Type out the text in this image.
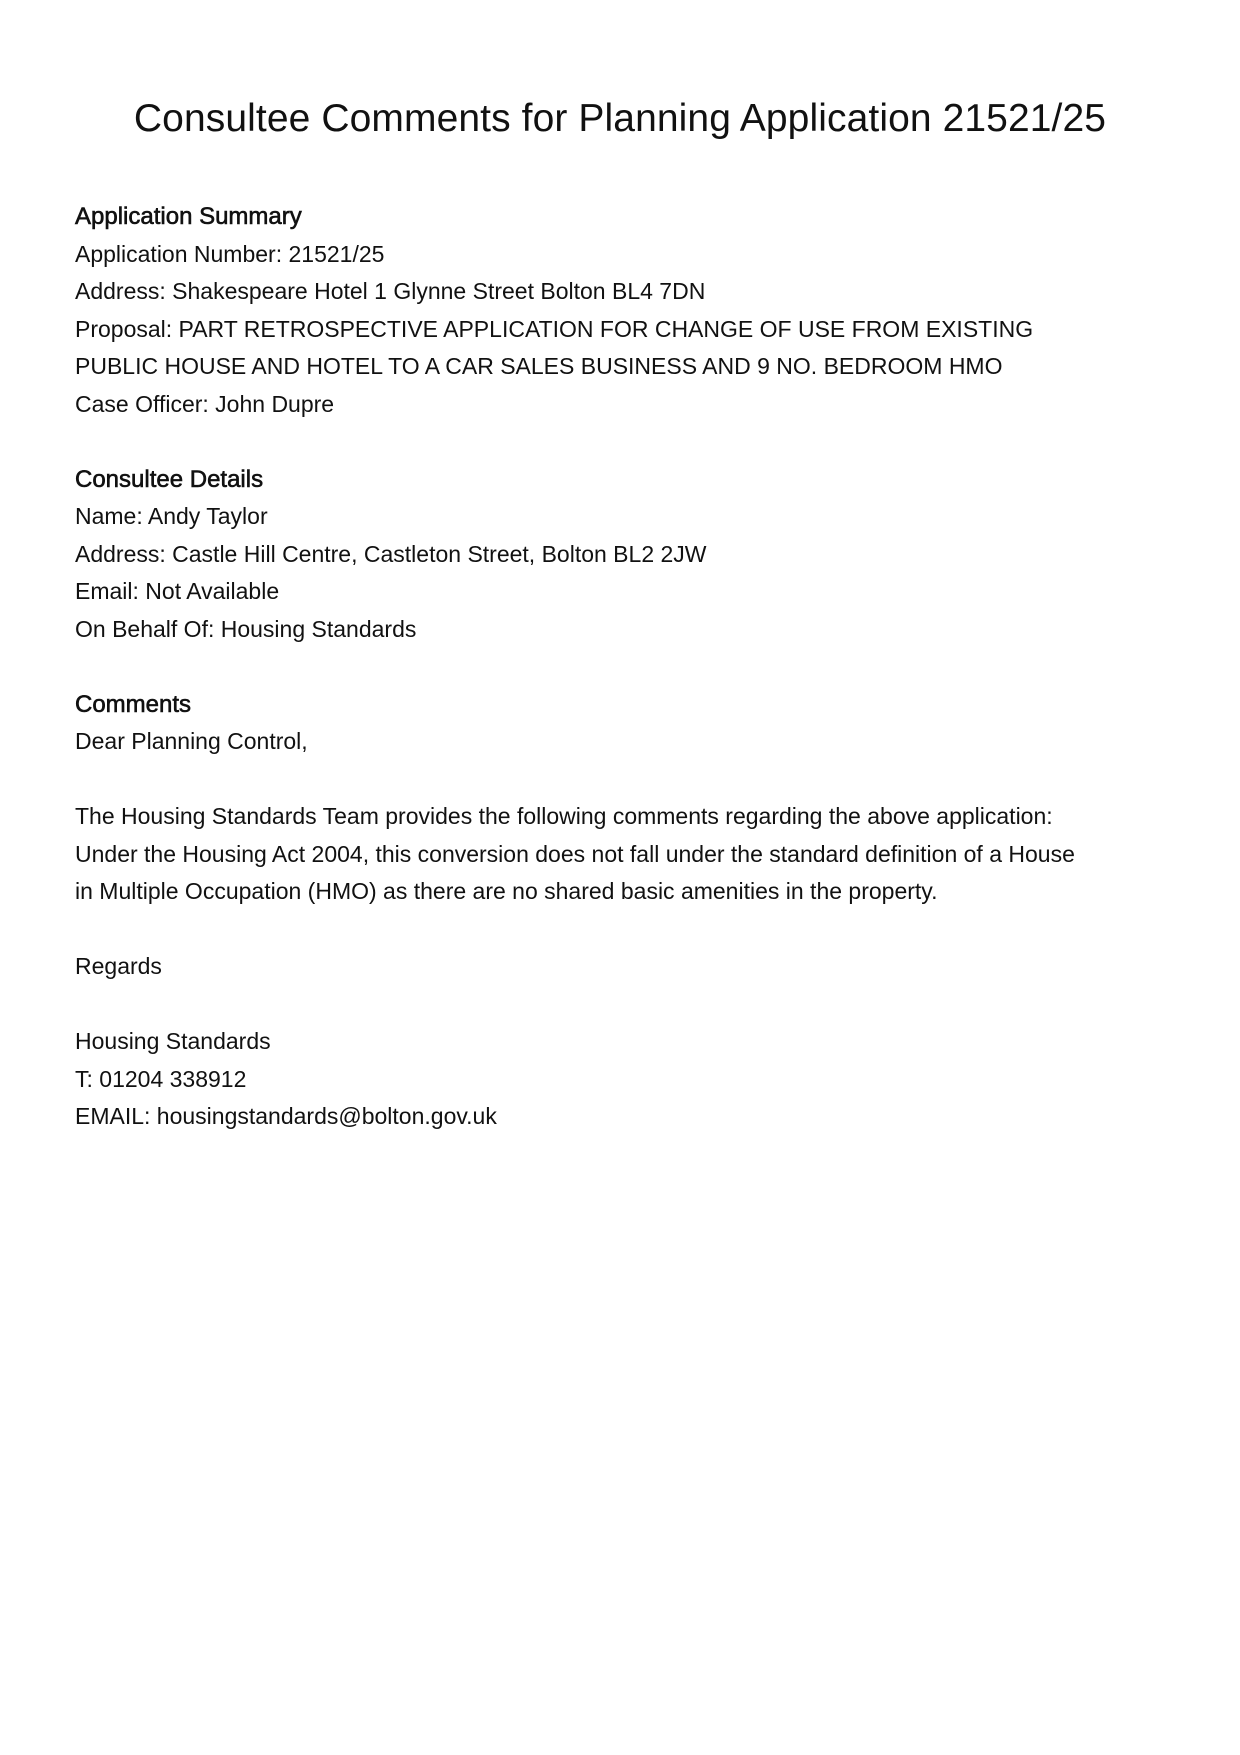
Consultee Comments for Planning Application 21521/25

Application Summary

Application Number: 21521/25

Address: Shakespeare Hotel 1 Glynne Street Bolton BL4 7DN

Proposal: PART RETROSPECTIVE APPLICATION FOR CHANGE OF USE FROM EXISTING

PUBLIC HOUSE AND HOTEL TO A CAR SALES BUSINESS AND 9 NO. BEDROOM HMO

Case Officer: John Dupre

Consultee Details

Name: Andy Taylor

Address: Castle Hill Centre, Castleton Street, Bolton BL2 2JW

Email: Not Available

On Behalf Of: Housing Standards

Comments

Dear Planning Control,

The Housing Standards Team provides the following comments regarding the above application:

Under the Housing Act 2004, this conversion does not fall under the standard definition of a House

in Multiple Occupation (HMO) as there are no shared basic amenities in the property.

Regards

Housing Standards

T: 01204 338912

EMAIL: housingstandards@bolton.gov.uk
